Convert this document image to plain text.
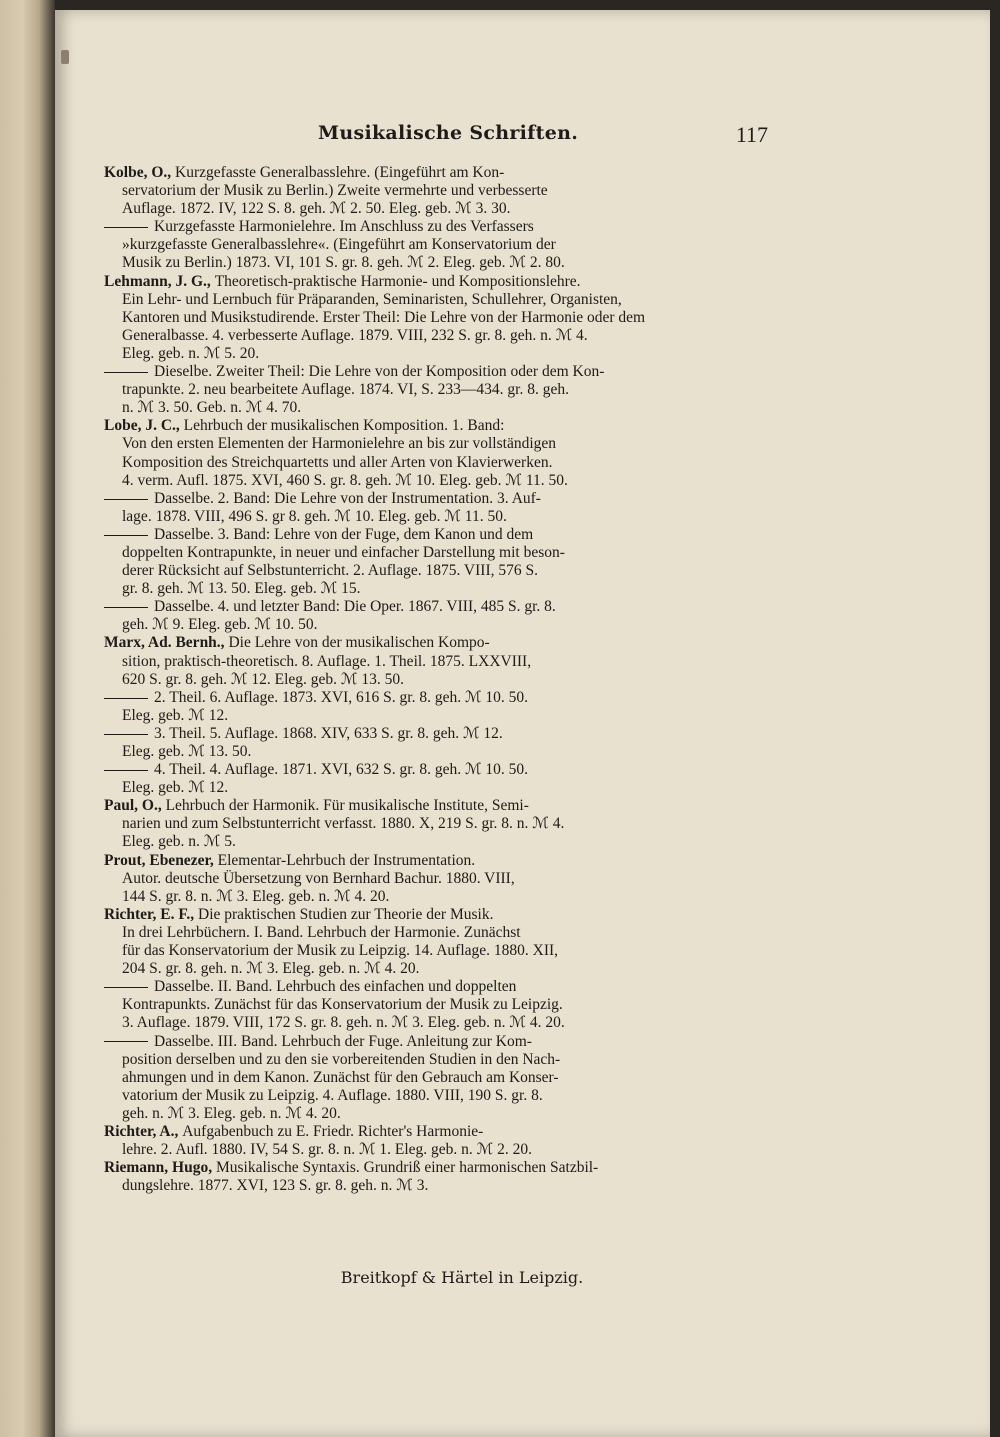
Musikalische Schriften.	117
Kolbe, O., Kurzgefasste Generalbasslehre. (Eingeführt am Kon-
servatorium der Musik zu Berlin.) Zweite vermehrte und verbesserte
Auflage. 1872. IV, 122 S. 8. geh. ℳ 2. 50. Eleg. geb. ℳ 3. 30.
Kurzgefasste Harmonielehre. Im Anschluss zu des Verfassers
»kurzgefasste Generalbasslehre«. (Eingeführt am Konservatorium der
Musik zu Berlin.) 1873. VI, 101 S. gr. 8. geh. ℳ 2. Eleg. geb. ℳ 2. 80.
Lehmann, J. G., Theoretisch-praktische Harmonie- und Kompositionslehre.
Ein Lehr- und Lernbuch für Präparanden, Seminaristen, Schullehrer, Organisten,
Kantoren und Musikstudirende. Erster Theil: Die Lehre von der Harmonie oder dem
Generalbasse. 4. verbesserte Auflage. 1879. VIII, 232 S. gr. 8. geh. n. ℳ 4.
Eleg. geb. n. ℳ 5. 20.
Dieselbe. Zweiter Theil: Die Lehre von der Komposition oder dem Kon-
trapunkte. 2. neu bearbeitete Auflage. 1874. VI, S. 233—434. gr. 8. geh.
n. ℳ 3. 50. Geb. n. ℳ 4. 70.
Lobe, J. C., Lehrbuch der musikalischen Komposition. 1. Band:
Von den ersten Elementen der Harmonielehre an bis zur vollständigen
Komposition des Streichquartetts und aller Arten von Klavierwerken.
4. verm. Aufl. 1875. XVI, 460 S. gr. 8. geh. ℳ 10. Eleg. geb. ℳ 11. 50.
Dasselbe. 2. Band: Die Lehre von der Instrumentation. 3. Auf-
lage. 1878. VIII, 496 S. gr 8. geh. ℳ 10. Eleg. geb. ℳ 11. 50.
Dasselbe. 3. Band: Lehre von der Fuge, dem Kanon und dem
doppelten Kontrapunkte, in neuer und einfacher Darstellung mit beson-
derer Rücksicht auf Selbstunterricht. 2. Auflage. 1875. VIII, 576 S.
gr. 8. geh. ℳ 13. 50. Eleg. geb. ℳ 15.
Dasselbe. 4. und letzter Band: Die Oper. 1867. VIII, 485 S. gr. 8.
geh. ℳ 9. Eleg. geb. ℳ 10. 50.
Marx, Ad. Bernh., Die Lehre von der musikalischen Kompo-
sition, praktisch-theoretisch. 8. Auflage. 1. Theil. 1875. LXXVIII,
620 S. gr. 8. geh. ℳ 12. Eleg. geb. ℳ 13. 50.
2. Theil. 6. Auflage. 1873. XVI, 616 S. gr. 8. geh. ℳ 10. 50.
Eleg. geb. ℳ 12.
3. Theil. 5. Auflage. 1868. XIV, 633 S. gr. 8. geh. ℳ 12.
Eleg. geb. ℳ 13. 50.
4. Theil. 4. Auflage. 1871. XVI, 632 S. gr. 8. geh. ℳ 10. 50.
Eleg. geb. ℳ 12.
Paul, O., Lehrbuch der Harmonik. Für musikalische Institute, Semi-
narien und zum Selbstunterricht verfasst. 1880. X, 219 S. gr. 8. n. ℳ 4.
Eleg. geb. n. ℳ 5.
Prout, Ebenezer, Elementar-Lehrbuch der Instrumentation.
Autor. deutsche Übersetzung von Bernhard Bachur. 1880. VIII,
144 S. gr. 8. n. ℳ 3. Eleg. geb. n. ℳ 4. 20.
Richter, E. F., Die praktischen Studien zur Theorie der Musik.
In drei Lehrbüchern. I. Band. Lehrbuch der Harmonie. Zunächst
für das Konservatorium der Musik zu Leipzig. 14. Auflage. 1880. XII,
204 S. gr. 8. geh. n. ℳ 3. Eleg. geb. n. ℳ 4. 20.
Dasselbe. II. Band. Lehrbuch des einfachen und doppelten
Kontrapunkts. Zunächst für das Konservatorium der Musik zu Leipzig.
3. Auflage. 1879. VIII, 172 S. gr. 8. geh. n. ℳ 3. Eleg. geb. n. ℳ 4. 20.
Dasselbe. III. Band. Lehrbuch der Fuge. Anleitung zur Kom-
position derselben und zu den sie vorbereitenden Studien in den Nach-
ahmungen und in dem Kanon. Zunächst für den Gebrauch am Konser-
vatorium der Musik zu Leipzig. 4. Auflage. 1880. VIII, 190 S. gr. 8.
geh. n. ℳ 3. Eleg. geb. n. ℳ 4. 20.
Richter, A., Aufgabenbuch zu E. Friedr. Richter's Harmonie-
lehre. 2. Aufl. 1880. IV, 54 S. gr. 8. n. ℳ 1. Eleg. geb. n. ℳ 2. 20.
Riemann, Hugo, Musikalische Syntaxis. Grundriß einer harmonischen Satzbil-
dungslehre. 1877. XVI, 123 S. gr. 8. geh. n. ℳ 3.
Breitkopf & Härtel in Leipzig.
